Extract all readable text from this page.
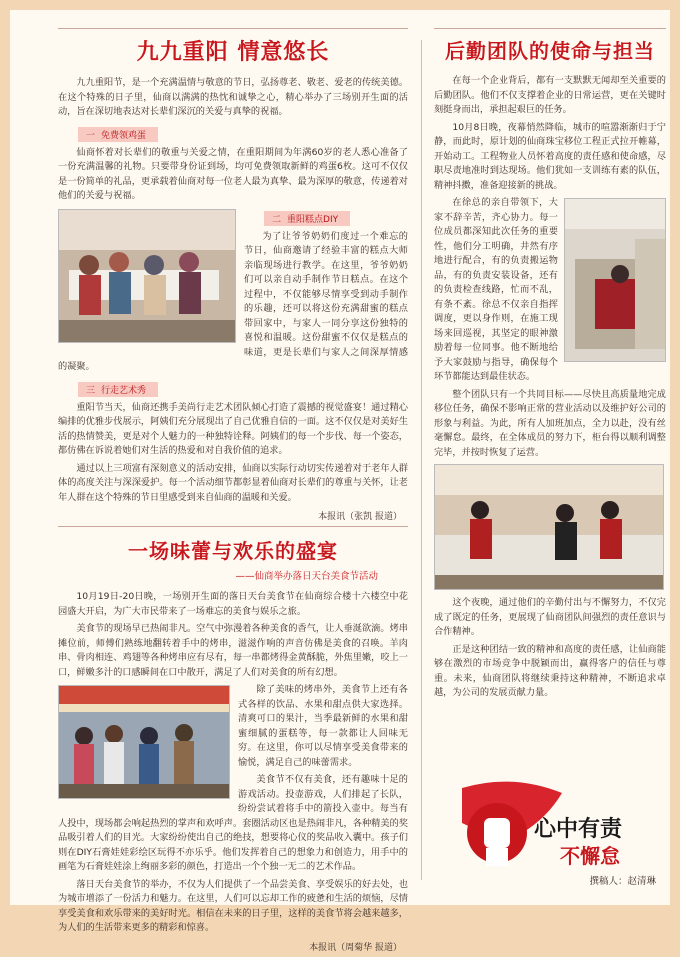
九九重阳 情意悠长

九九重阳节，是一个充满温情与敬意的节日，弘扬尊老、敬老、爱老的传统美德。在这个特殊的日子里，仙商以满满的热忱和诚挚之心，精心举办了三场别开生面的活动，旨在深切地表达对长辈们深沉的关爱与真挚的祝福。

一 免费领鸡蛋

仙商怀着对长辈们的敬重与关爱之情，在重阳期间为年满60岁的老人悉心准备了一份充满温馨的礼物。只要带身份证到场，均可免费领取新鲜的鸡蛋6枚。这可不仅仅是一份简单的礼品，更承载着仙商对每一位老人最为真挚、最为深厚的敬意，传递着对他们的关爱与祝福。

二 重阳糕点DIY

为了让爷爷奶奶们度过一个难忘的节日，仙商邀请了经验丰富的糕点大师亲临现场进行教学。在这里，爷爷奶奶们可以亲自动手制作节日糕点。在这个过程中，不仅能够尽情享受到动手制作的乐趣，还可以将这份充满甜蜜的糕点带回家中，与家人一同分享这份独特的喜悦和温暖。这份甜蜜不仅仅是糕点的味道，更是长辈们与家人之间深厚情感的凝聚。

三 行走艺术秀

重阳节当天，仙商还携手美尚行走艺术团队倾心打造了震撼的视觉盛宴！通过精心编排的优雅步伐展示，阿姨们充分展现出了自己优雅自信的一面。这不仅仅是对美好生活的热情赞美，更是对个人魅力的一种独特诠释。阿姨们的每一个步伐、每一个姿态，都仿佛在诉说着她们对生活的热爱和对自我价值的追求。

通过以上三项富有深刻意义的活动安排，仙商以实际行动切实传递着对于老年人群体的高度关注与深深爱护。每一个活动细节都彰显着仙商对长辈们的尊重与关怀，让老年人群在这个特殊的节日里感受到来自仙商的温暖和关爱。

本报讯（张凯 报道）
一场味蕾与欢乐的盛宴
——仙商举办落日天台美食节活动

10月19日-20日晚，一场别开生面的落日天台美食节在仙商综合楼十六楼空中花园盛大开启，为广大市民带来了一场难忘的美食与娱乐之旅。

美食节的现场早已热闹非凡。空气中弥漫着各种美食的香气，让人垂涎欲滴。烤串摊位前，师傅们熟练地翻转着手中的烤串，滋滋作响的声音仿佛是美食的召唤。羊肉串、骨肉相连、鸡翅等各种烤串应有尽有，每一串都烤得金黄酥脆，外焦里嫩，咬上一口，鲜嫩多汁的口感瞬间在口中散开，满足了人们对美食的所有幻想。

除了美味的烤串外，美食节上还有各式各样的饮品、水果和甜点供大家选择。清爽可口的果汁，当季最新鲜的水果和甜蜜细腻的蛋糕等，每一款都让人回味无穷。在这里，你可以尽情享受美食带来的愉悦，满足自己的味蕾需求。

美食节不仅有美食，还有趣味十足的游戏活动。投壶游戏，人们排起了长队，纷纷尝试着将手中的箭投入壶中。每当有人投中，现场都会响起热烈的掌声和欢呼声。套圈活动区也是热闹非凡，各种精美的奖品吸引着人们的目光。大家纷纷使出自己的绝技，想要将心仪的奖品收入囊中。孩子们则在DIY石膏娃娃彩绘区玩得不亦乐乎。他们发挥着自己的想象力和创造力，用手中的画笔为石膏娃娃涂上绚丽多彩的颜色，打造出一个个独一无二的艺术作品。

落日天台美食节的举办，不仅为人们提供了一个品尝美食、享受娱乐的好去处，也为城市增添了一份活力和魅力。在这里，人们可以忘却工作的疲惫和生活的烦恼，尽情享受美食和欢乐带来的美好时光。相信在未来的日子里，这样的美食节将会越来越多，为人们的生活带来更多的精彩和惊喜。

本报讯（周菊华 报道）
后勤团队的使命与担当

在每一个企业背后，都有一支默默无闻却至关重要的后勤团队。他们不仅支撑着企业的日常运营，更在关键时刻挺身而出，承担起艰巨的任务。

10月8日晚，夜幕悄然降临，城市的喧嚣渐渐归于宁静，而此时，原计划的仙商珠宝移位工程正式拉开帷幕，开始动工。工程物业人员怀着高度的责任感和使命感，尽职尽责地准时到达现场。他们犹如一支训练有素的队伍，精神抖擞，准备迎接新的挑战。

在徐总的亲自带领下，大家不辞辛苦，齐心协力。每一位成员都深知此次任务的重要性，他们分工明确，井然有序地进行配合，有的负责搬运物品，有的负责安装设备，还有的负责检查线路，忙而不乱，有条不紊。徐总不仅亲自指挥调度，更以身作则，在施工现场来回巡视，其坚定的眼神激励着每一位同事。他不断地给予大家鼓励与指导，确保每个环节都能达到最佳状态。

整个团队只有一个共同目标——尽快且高质量地完成移位任务，确保不影响正常的营业活动以及维护好公司的形象与利益。为此，所有人加班加点，全力以赴，没有丝毫懈怠。最终，在全体成员的努力下，柜台得以顺利调整完毕，并按时恢复了运营。

这个夜晚，通过他们的辛勤付出与不懈努力，不仅完成了既定的任务，更展现了仙商团队间强烈的责任意识与合作精神。

正是这种团结一致的精神和高度的责任感，让仙商能够在激烈的市场竞争中脱颖而出，赢得客户的信任与尊重。未来，仙商团队将继续秉持这种精神，不断追求卓越，为公司的发展贡献力量。

心中有责
不懈怠
撰稿人：赵清琳
